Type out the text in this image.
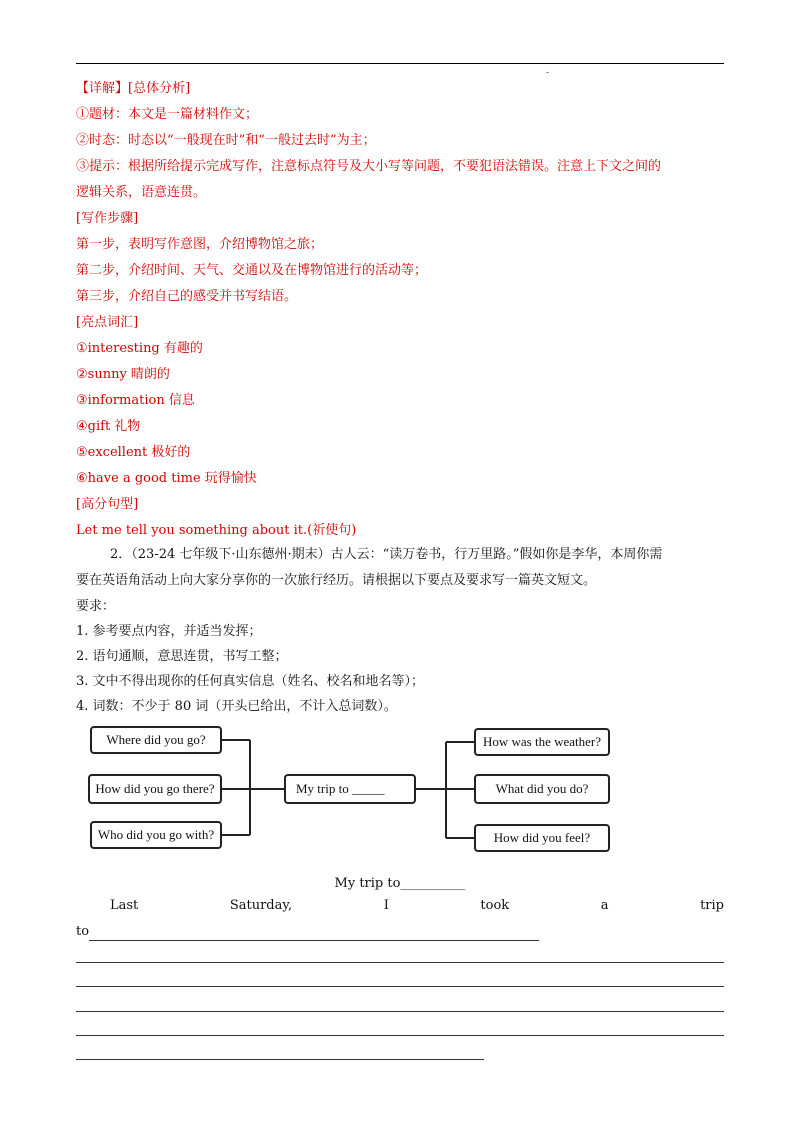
-
【详解】[总体分析]
①题材：本文是一篇材料作文；
②时态：时态以“一般现在时”和“一般过去时”为主；
③提示：根据所给提示完成写作，注意标点符号及大小写等问题，不要犯语法错误。注意上下文之间的
逻辑关系，语意连贯。
[写作步骤]
第一步，表明写作意图，介绍博物馆之旅；
第二步，介绍时间、天气、交通以及在博物馆进行的活动等；
第三步，介绍自己的感受并书写结语。
[亮点词汇]
①interesting 有趣的
②sunny 晴朗的
③information 信息
④gift 礼物
⑤excellent 极好的
⑥have a good time 玩得愉快
[高分句型]
Let me tell you something about it.(祈使句)
2．（23-24 七年级下·山东德州·期末）古人云：“读万卷书，行万里路。”假如你是李华，本周你需
要在英语角活动上向大家分享你的一次旅行经历。请根据以下要点及要求写一篇英文短文。
要求：
1. 参考要点内容，并适当发挥；
2. 语句通顺，意思连贯，书写工整；
3. 文中不得出现你的任何真实信息（姓名、校名和地名等）；
4. 词数：不少于 80 词（开头已给出，不计入总词数）。
Where did you go?
How did you go there?
Who did you go with?
My trip to _____
How was the weather?
What did you do?
How did you feel?
My trip to__________
Last	Saturday,	I	took	a	trip
to
